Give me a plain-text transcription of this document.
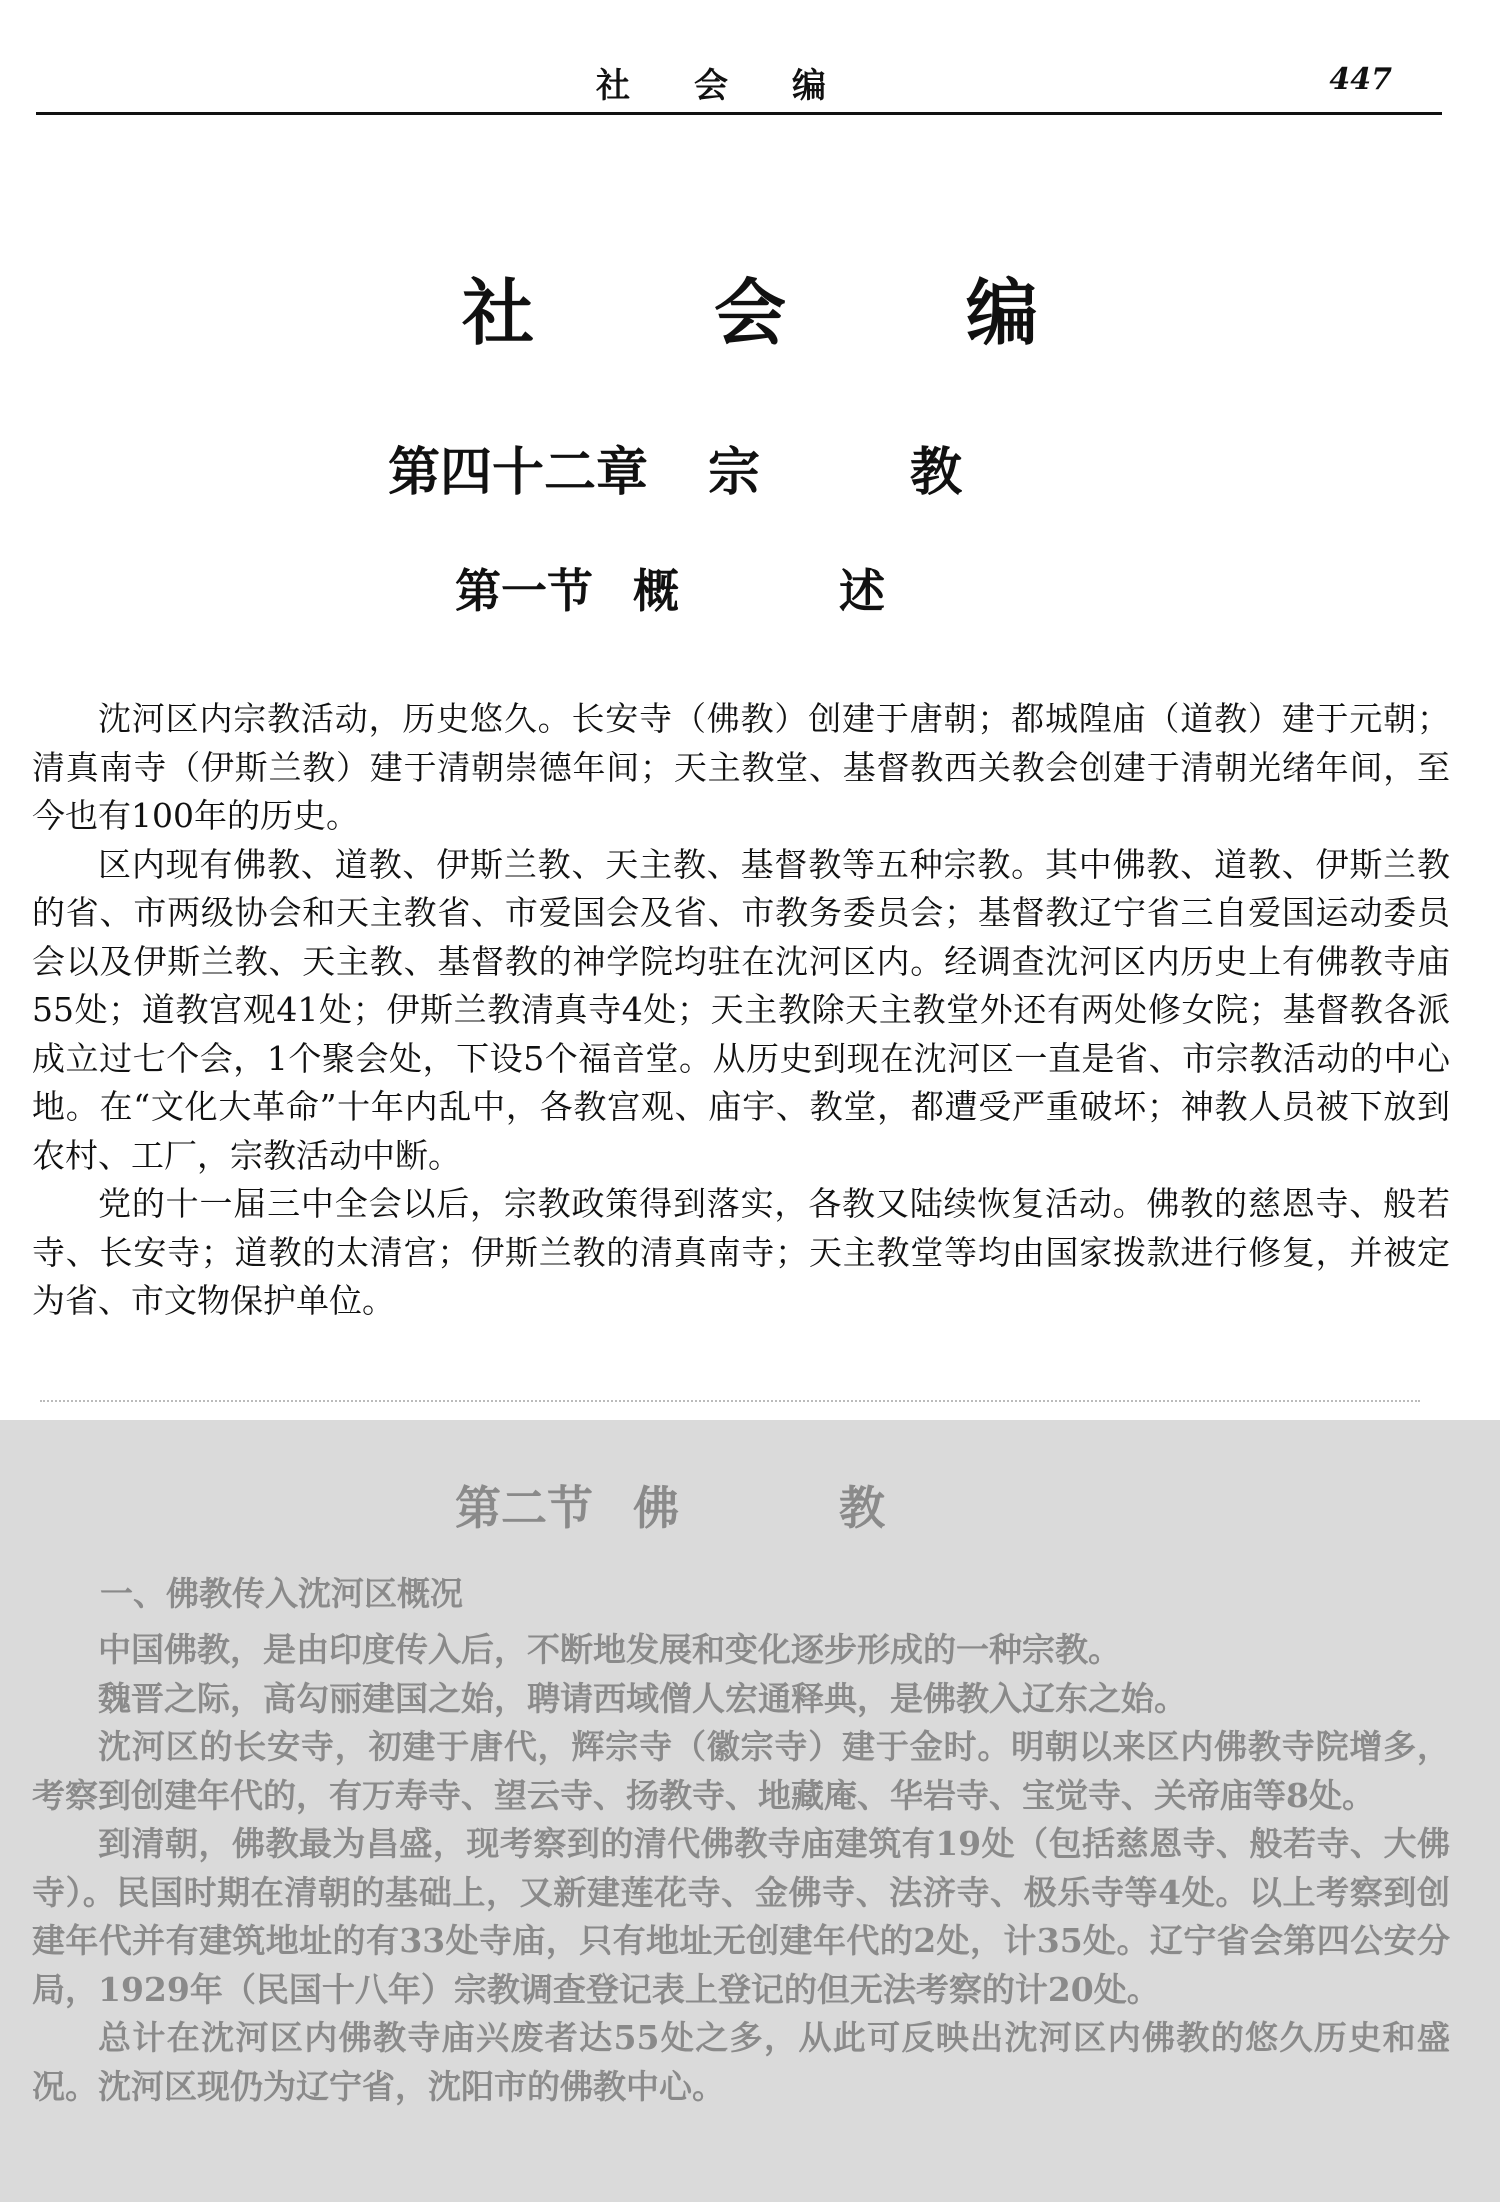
社会编	447
社会编
第四十二章 宗教
第一节 概述

沈河区内宗教活动，历史悠久。长安寺（佛教）创建于唐朝；都城隍庙（道教）建于元朝；清真南寺（伊斯兰教）建于清朝崇德年间；天主教堂、基督教西关教会创建于清朝光绪年间，至今也有100年的历史。

区内现有佛教、道教、伊斯兰教、天主教、基督教等五种宗教。其中佛教、道教、伊斯兰教的省、市两级协会和天主教省、市爱国会及省、市教务委员会；基督教辽宁省三自爱国运动委员会以及伊斯兰教、天主教、基督教的神学院均驻在沈河区内。经调查沈河区内历史上有佛教寺庙55处；道教宫观41处；伊斯兰教清真寺4处；天主教除天主教堂外还有两处修女院；基督教各派成立过七个会，1个聚会处，下设5个福音堂。从历史到现在沈河区一直是省、市宗教活动的中心地。在“文化大革命”十年内乱中，各教宫观、庙宇、教堂，都遭受严重破坏；神教人员被下放到农村、工厂，宗教活动中断。

党的十一届三中全会以后，宗教政策得到落实，各教又陆续恢复活动。佛教的慈恩寺、般若寺、长安寺；道教的太清宫；伊斯兰教的清真南寺；天主教堂等均由国家拨款进行修复，并被定为省、市文物保护单位。

第二节 佛教
一、佛教传入沈河区概况

中国佛教，是由印度传入后，不断地发展和变化逐步形成的一种宗教。

魏晋之际，高勾丽建国之始，聘请西域僧人宏通释典，是佛教入辽东之始。

沈河区的长安寺，初建于唐代，辉宗寺（徽宗寺）建于金时。明朝以来区内佛教寺院增多，考察到创建年代的，有万寿寺、望云寺、扬教寺、地藏庵、华岩寺、宝觉寺、关帝庙等8处。

到清朝，佛教最为昌盛，现考察到的清代佛教寺庙建筑有19处（包括慈恩寺、般若寺、大佛寺）。民国时期在清朝的基础上，又新建莲花寺、金佛寺、法济寺、极乐寺等4处。以上考察到创建年代并有建筑地址的有33处寺庙，只有地址无创建年代的2处，计35处。辽宁省会第四公安分局，1929年（民国十八年）宗教调查登记表上登记的但无法考察的计20处。

总计在沈河区内佛教寺庙兴废者达55处之多，从此可反映出沈河区内佛教的悠久历史和盛况。沈河区现仍为辽宁省，沈阳市的佛教中心。
